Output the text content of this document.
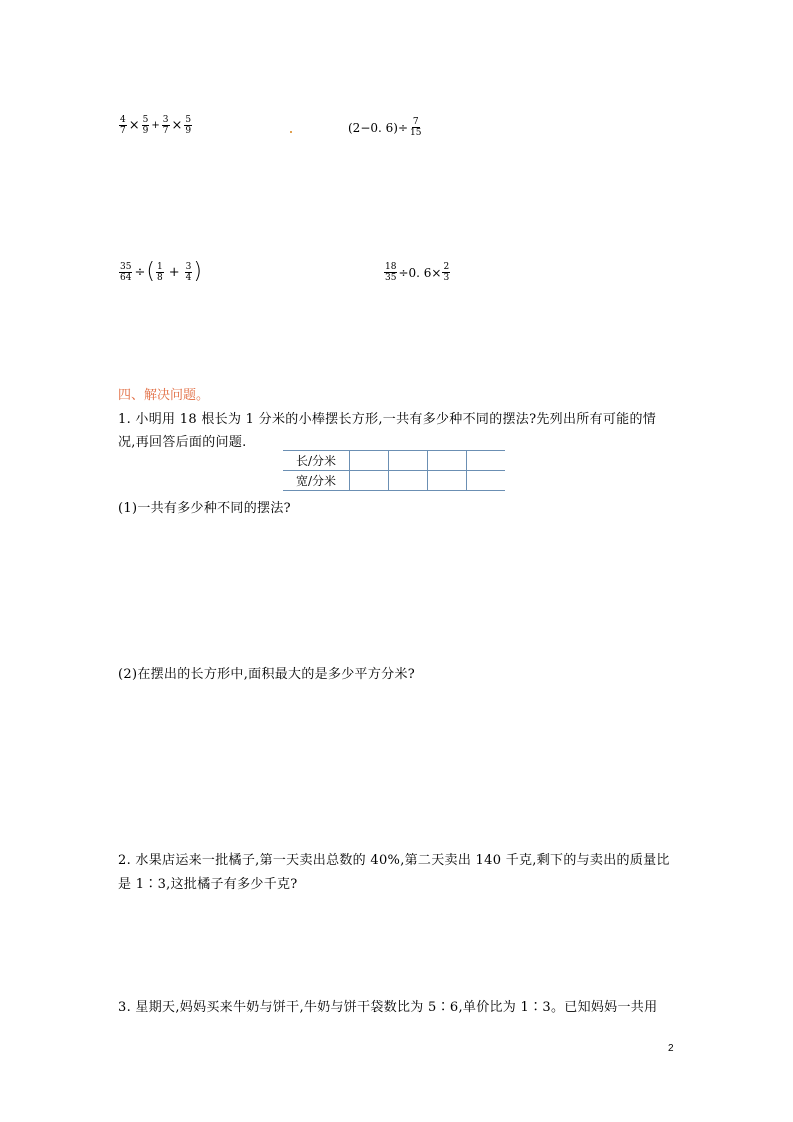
$\frac{4}{7} \times \frac{5}{9} + \frac{3}{7} \times \frac{5}{9}$	(2−0. $6)\div \frac{7}{15}$
$\frac{35}{64}$ ÷ ( $\frac{1}{8} + \frac{3}{4}$ )	$\frac{18}{35} \div 0$. $6\times \frac{2}{3}$
四、解决问题。
1. 小明用 18 根长为 1 分米的小棒摆长方形,一共有多少种不同的摆法?先列出所有可能的情
况,再回答后面的问题.
长/分米				
宽/分米				
(1)一共有多少种不同的摆法?
(2)在摆出的长方形中,面积最大的是多少平方分米?
2. 水果店运来一批橘子,第一天卖出总数的 40%,第二天卖出 140 千克,剩下的与卖出的质量比
是 1∶3,这批橘子有多少千克?
3. 星期天,妈妈买来牛奶与饼干,牛奶与饼干袋数比为 5∶6,单价比为 1∶3。已知妈妈一共用
2
